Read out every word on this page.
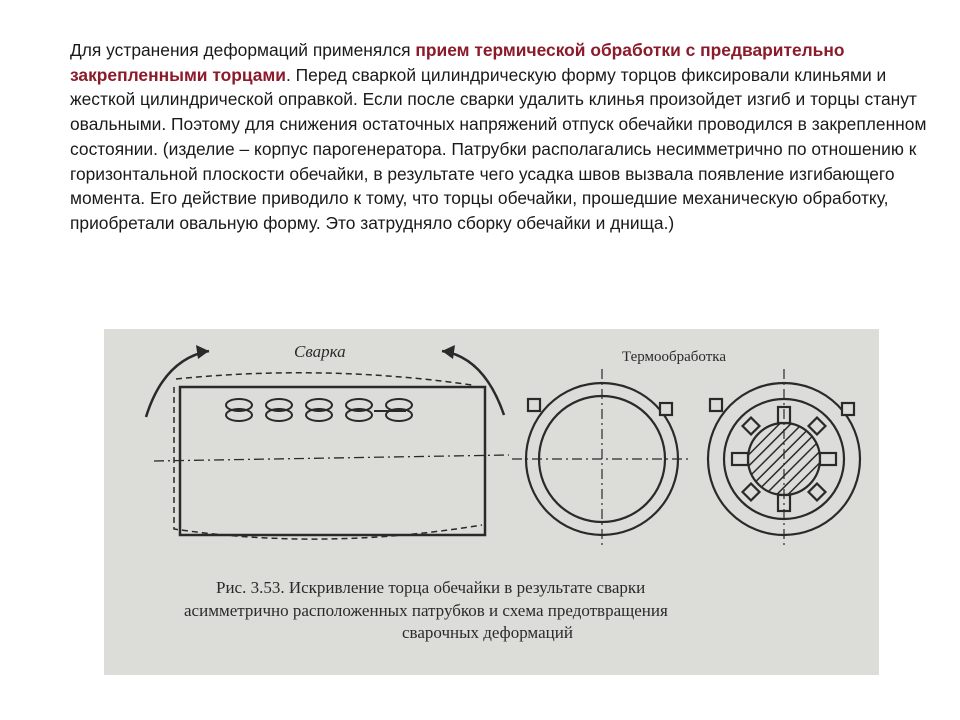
Для устранения деформаций применялся прием термической обработки с предварительно закрепленными торцами. Перед сваркой цилиндрическую форму торцов фиксировали клиньями и жесткой цилиндрической оправкой. Если после сварки удалить клинья произойдет изгиб и торцы станут овальными. Поэтому для снижения остаточных напряжений отпуск обечайки проводился в закрепленном состоянии. (изделие – корпус парогенератора. Патрубки располагались несимметрично по отношению к горизонтальной плоскости обечайки, в результате чего усадка швов вызвала появление изгибающего момента. Его действие приводило к тому, что торцы обечайки, прошедшие механическую обработку, приобретали овальную форму. Это затрудняло сборку обечайки и днища.)
Сварка	Термообработка
Рис. 3.53. Искривление торца обечайки в результате сварки
асимметрично расположенных патрубков и схема предотвращения
сварочных деформаций
